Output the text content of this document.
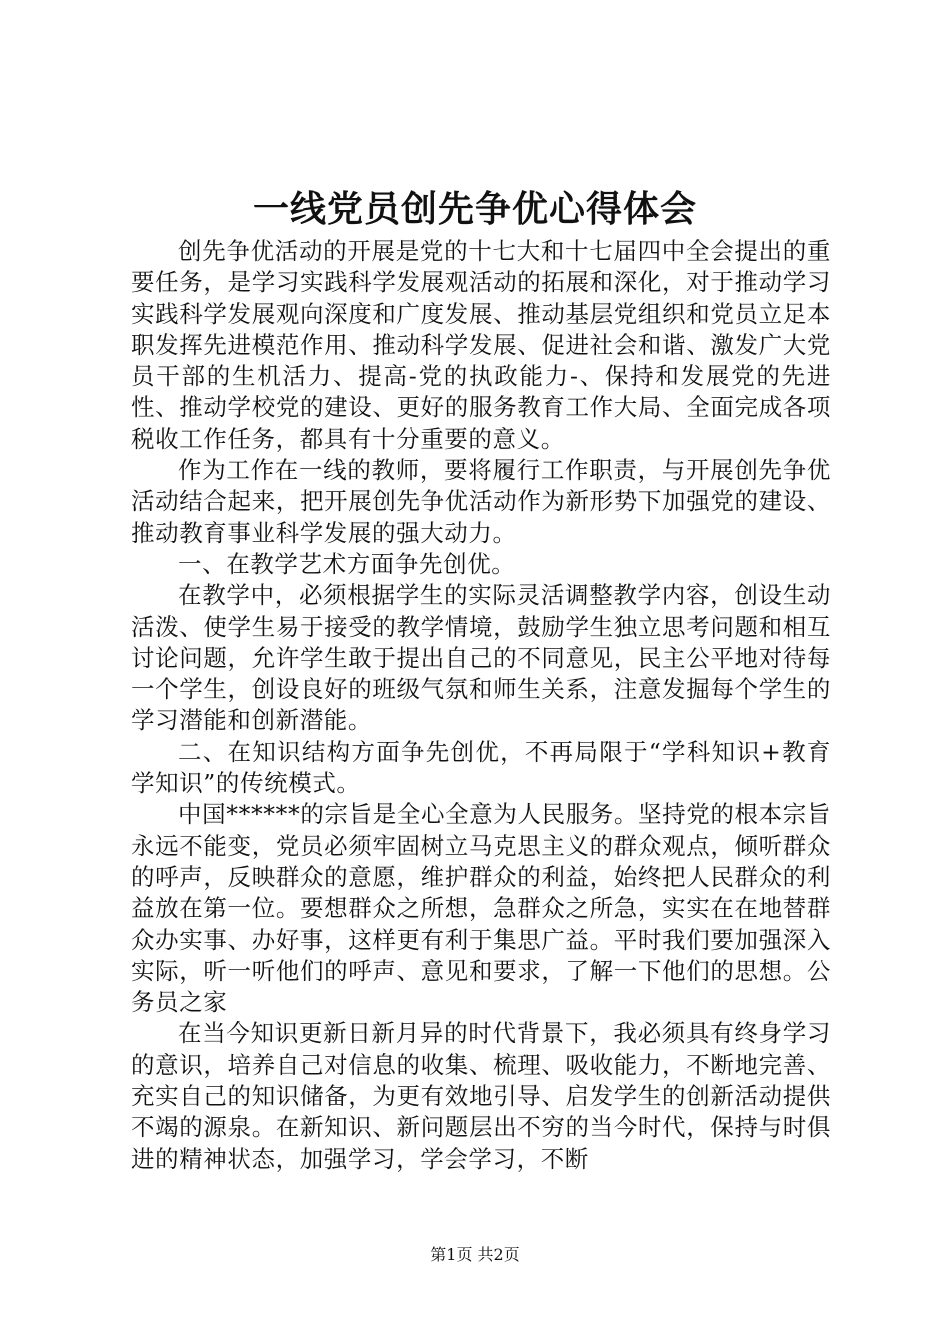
一线党员创先争优心得体会

创先争优活动的开展是党的十七大和十七届四中全会提出的重要任务，是学习实践科学发展观活动的拓展和深化，对于推动学习实践科学发展观向深度和广度发展、推动基层党组织和党员立足本职发挥先进模范作用、推动科学发展、促进社会和谐、激发广大党员干部的生机活力、提高-党的执政能力-、保持和发展党的先进性、推动学校党的建设、更好的服务教育工作大局、全面完成各项税收工作任务，都具有十分重要的意义。

作为工作在一线的教师，要将履行工作职责，与开展创先争优活动结合起来，把开展创先争优活动作为新形势下加强党的建设、推动教育事业科学发展的强大动力。

一、在教学艺术方面争先创优。

在教学中，必须根据学生的实际灵活调整教学内容，创设生动活泼、使学生易于接受的教学情境，鼓励学生独立思考问题和相互讨论问题，允许学生敢于提出自己的不同意见，民主公平地对待每一个学生，创设良好的班级气氛和师生关系，注意发掘每个学生的学习潜能和创新潜能。

二、在知识结构方面争先创优，不再局限于“学科知识+教育学知识”的传统模式。

中国******的宗旨是全心全意为人民服务。坚持党的根本宗旨永远不能变，党员必须牢固树立马克思主义的群众观点，倾听群众的呼声，反映群众的意愿，维护群众的利益，始终把人民群众的利益放在第一位。要想群众之所想，急群众之所急，实实在在地替群众办实事、办好事，这样更有利于集思广益。平时我们要加强深入实际，听一听他们的呼声、意见和要求，了解一下他们的思想。公务员之家

在当今知识更新日新月异的时代背景下，我必须具有终身学习的意识，培养自己对信息的收集、梳理、吸收能力，不断地完善、充实自己的知识储备，为更有效地引导、启发学生的创新活动提供不竭的源泉。在新知识、新问题层出不穷的当今时代，保持与时俱进的精神状态，加强学习，学会学习，不断

第1页 共2页
